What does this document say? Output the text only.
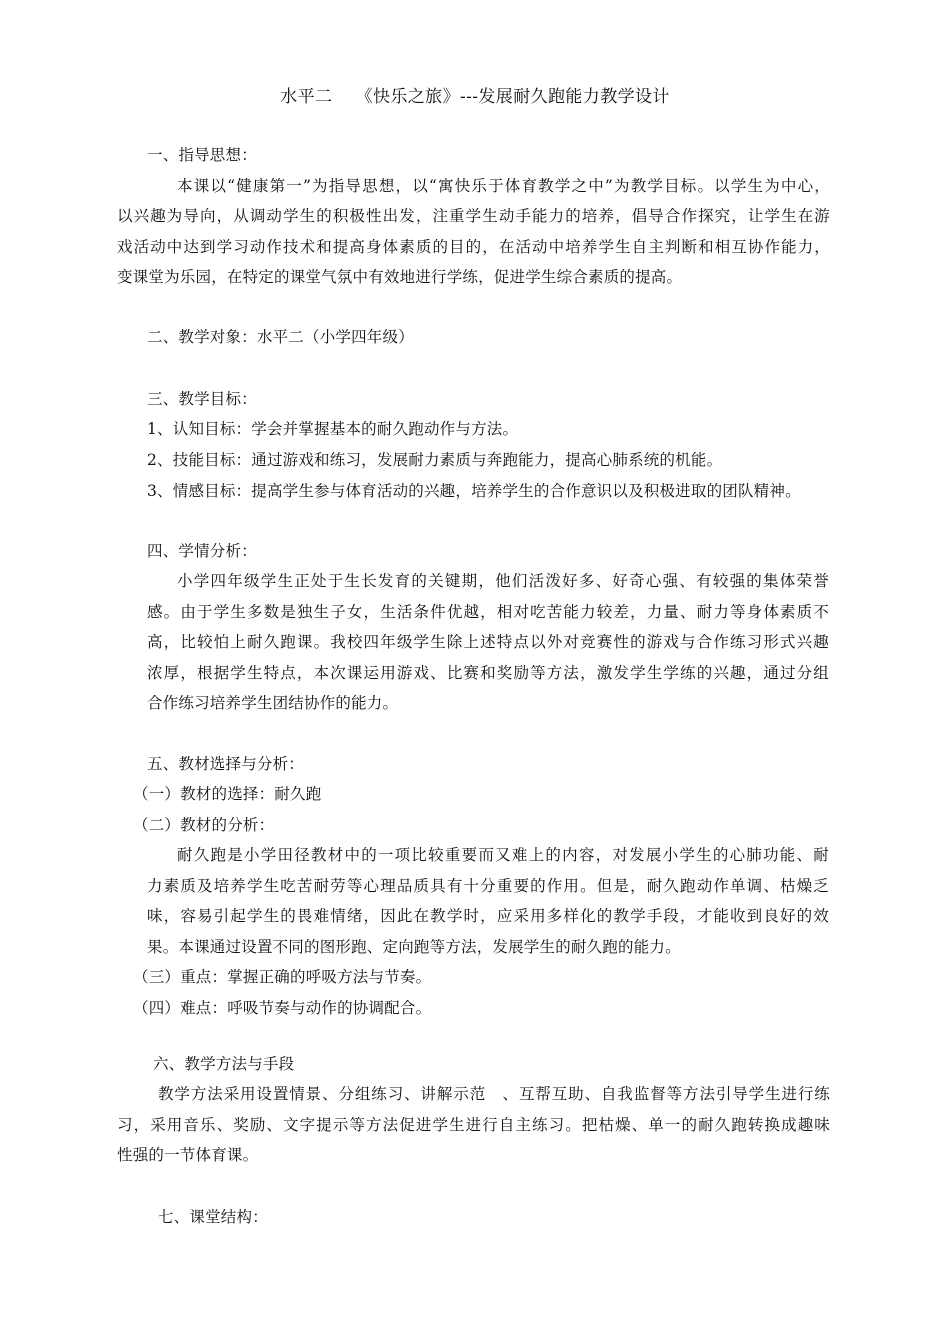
水平二　 《快乐之旅》---发展耐久跑能力教学设计
一、指导思想：
本课以“健康第一”为指导思想，以“寓快乐于体育教学之中”为教学目标。以学生为中心，
以兴趣为导向，从调动学生的积极性出发，注重学生动手能力的培养，倡导合作探究，让学生在游
戏活动中达到学习动作技术和提高身体素质的目的，在活动中培养学生自主判断和相互协作能力，
变课堂为乐园，在特定的课堂气氛中有效地进行学练，促进学生综合素质的提高。
二、教学对象：水平二（小学四年级）
三、教学目标：
1、认知目标：学会并掌握基本的耐久跑动作与方法。
2、技能目标：通过游戏和练习，发展耐力素质与奔跑能力，提高心肺系统的机能。
3、情感目标：提高学生参与体育活动的兴趣，培养学生的合作意识以及积极进取的团队精神。
四、学情分析：
小学四年级学生正处于生长发育的关键期，他们活泼好多、好奇心强、有较强的集体荣誉
感。由于学生多数是独生子女，生活条件优越，相对吃苦能力较差，力量、耐力等身体素质不
高，比较怕上耐久跑课。我校四年级学生除上述特点以外对竞赛性的游戏与合作练习形式兴趣
浓厚，根据学生特点，本次课运用游戏、比赛和奖励等方法，激发学生学练的兴趣，通过分组
合作练习培养学生团结协作的能力。
五、教材选择与分析：
（一）教材的选择：耐久跑
（二）教材的分析：
耐久跑是小学田径教材中的一项比较重要而又难上的内容，对发展小学生的心肺功能、耐
力素质及培养学生吃苦耐劳等心理品质具有十分重要的作用。但是，耐久跑动作单调、枯燥乏
味，容易引起学生的畏难情绪，因此在教学时，应采用多样化的教学手段，才能收到良好的效
果。本课通过设置不同的图形跑、定向跑等方法，发展学生的耐久跑的能力。
（三）重点：掌握正确的呼吸方法与节奏。
（四）难点：呼吸节奏与动作的协调配合。
六、教学方法与手段
教学方法采用设置情景、分组练习、讲解示范　、互帮互助、自我监督等方法引导学生进行练
习，采用音乐、奖励、文字提示等方法促进学生进行自主练习。把枯燥、单一的耐久跑转换成趣味
性强的一节体育课。
七、课堂结构：
